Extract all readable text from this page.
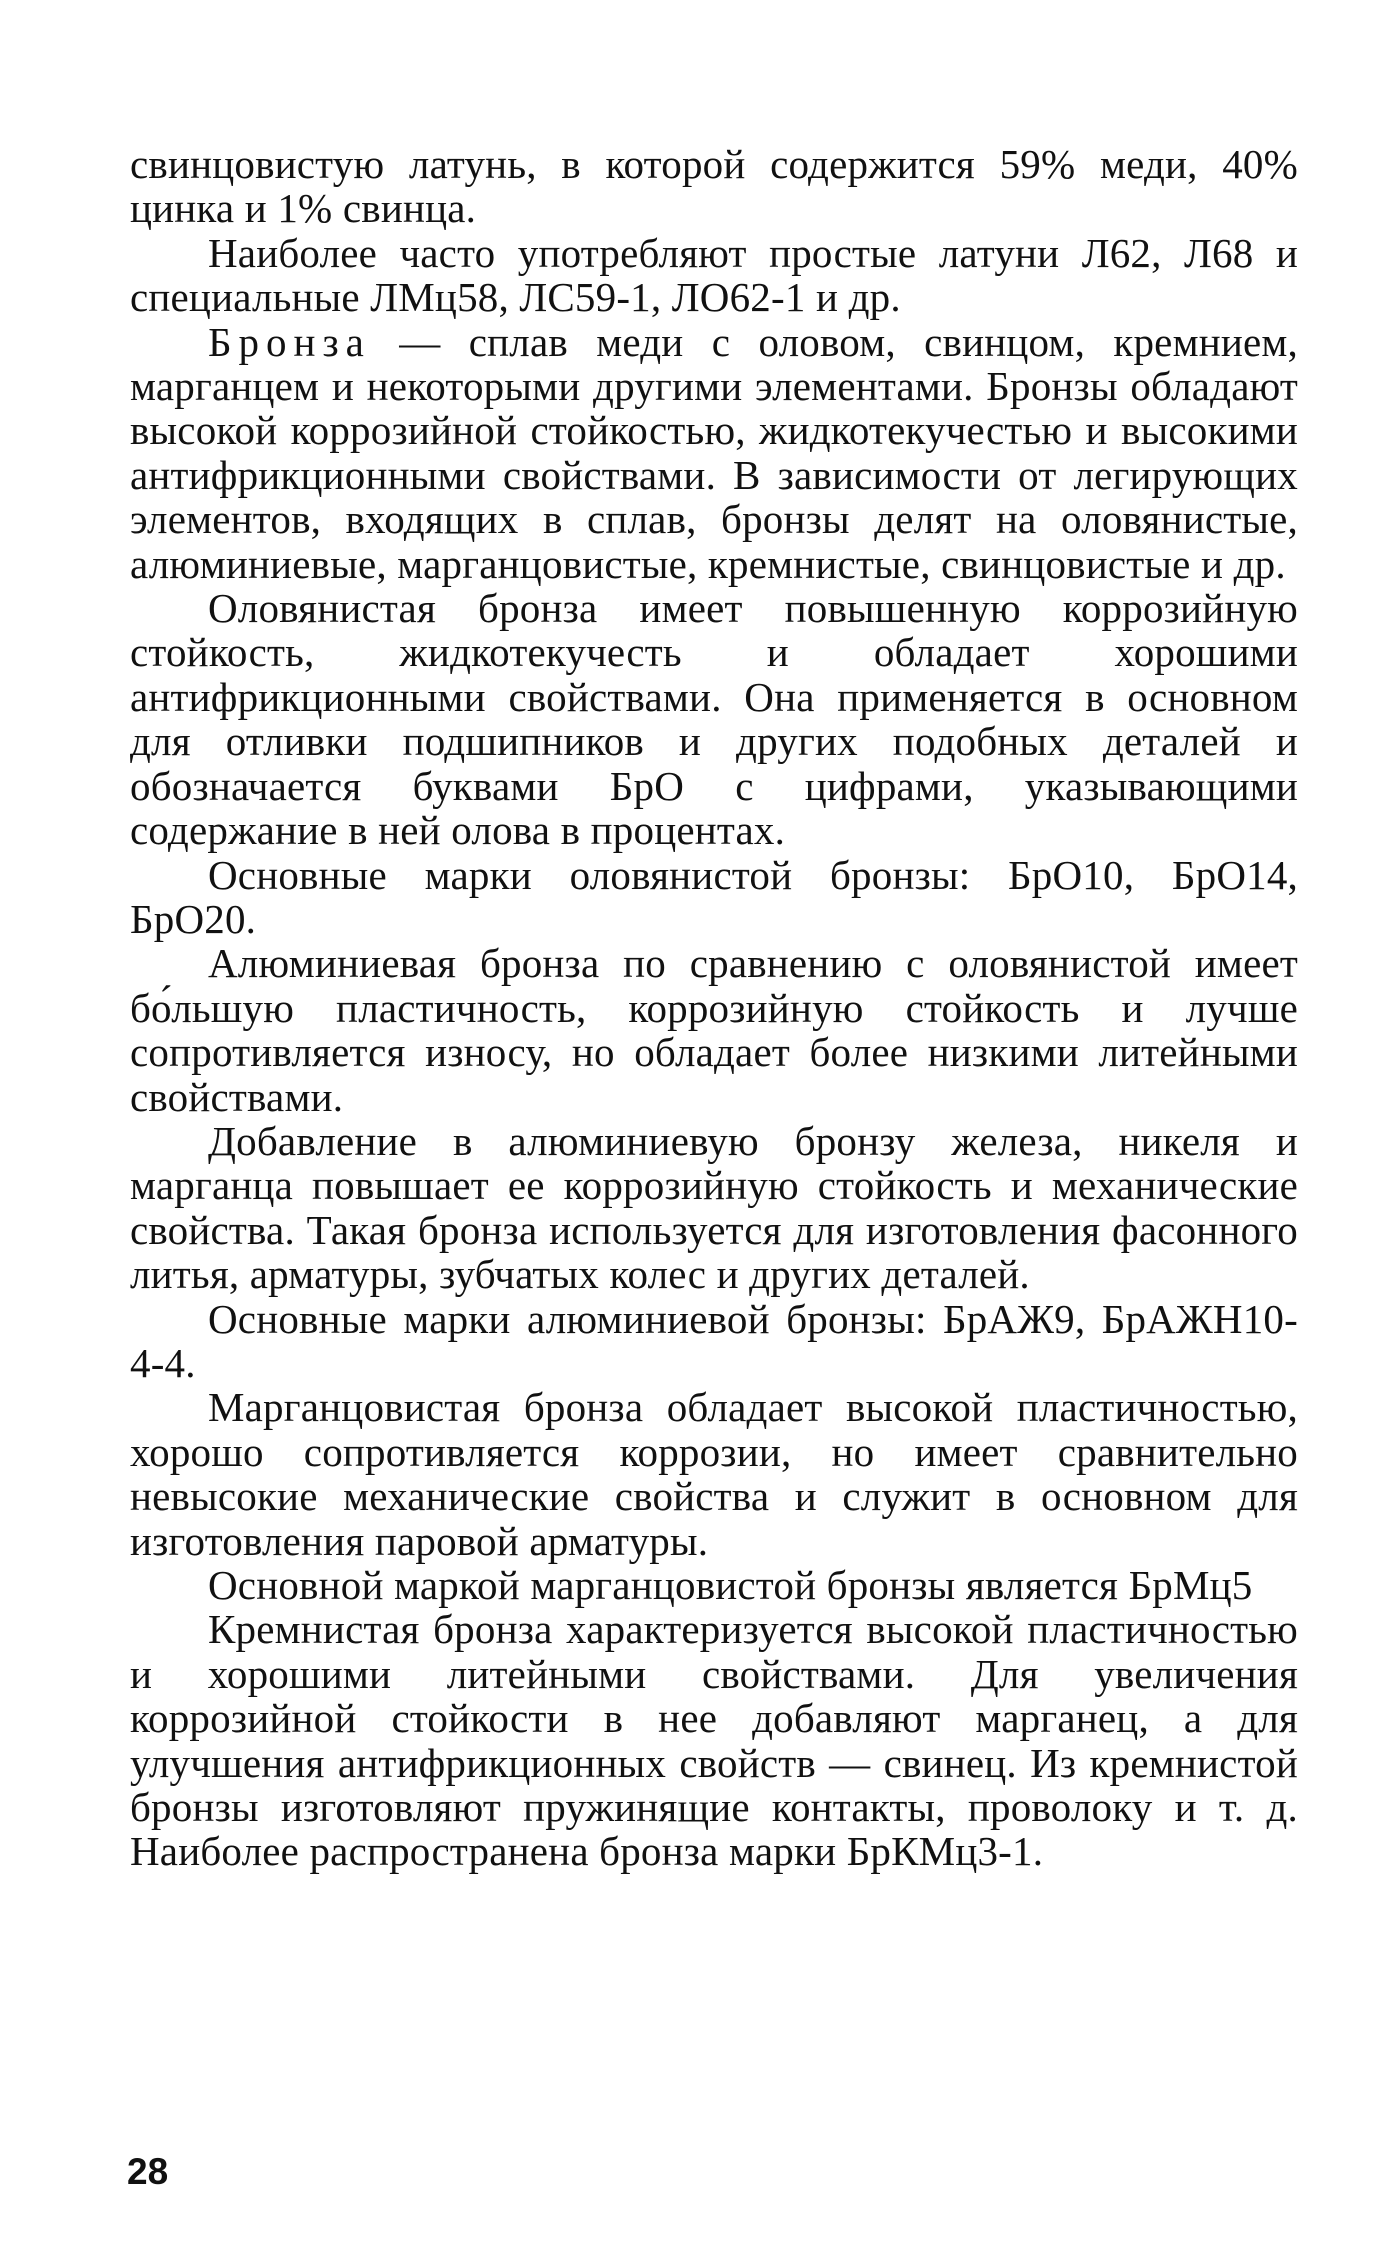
свинцовистую латунь, в которой содержится 59% меди, 40% цинка и 1% свинца.

Наиболее часто употребляют простые латуни Л62, Л68 и специальные ЛМц58, ЛС59-1, ЛО62-1 и др.

Бронза — сплав меди с оловом, свинцом, кремнием, марганцем и некоторыми другими элементами. Бронзы обладают высокой коррозийной стойкостью, жидкотекучестью и высокими антифрикционными свойствами. В зависимости от легирующих элементов, входящих в сплав, бронзы делят на оловянистые, алюминиевые, марганцовистые, кремнистые, свинцовистые и др.

Оловянистая бронза имеет повышенную коррозийную стойкость, жидкотекучесть и обладает хорошими антифрикционными свойствами. Она применяется в основном для отливки подшипников и других подобных деталей и обозначается буквами БрО с цифрами, указывающими содержание в ней олова в процентах.

Основные марки оловянистой бронзы: БрО10, БрО14, БрО20.

Алюминиевая бронза по сравнению с оловянистой имеет бо́льшую пластичность, коррозийную стойкость и лучше сопротивляется износу, но обладает более низкими литейными свойствами.

Добавление в алюминиевую бронзу железа, никеля и марганца повышает ее коррозийную стойкость и механические свойства. Такая бронза используется для изготовления фасонного литья, арматуры, зубчатых колес и других деталей.

Основные марки алюминиевой бронзы: БрАЖ9, БрАЖН10-4-4.

Марганцовистая бронза обладает высокой пластичностью, хорошо сопротивляется коррозии, но имеет сравнительно невысокие механические свойства и служит в основном для изготовления паровой арматуры.

Основной маркой марганцовистой бронзы является БрМц5

Кремнистая бронза характеризуется высокой пластичностью и хорошими литейными свойствами. Для увеличения коррозийной стойкости в нее добавляют марганец, а для улучшения антифрикционных свойств — свинец. Из кремнистой бронзы изготовляют пружинящие контакты, проволоку и т. д. Наиболее распространена бронза марки БрКМц3-1.

28
